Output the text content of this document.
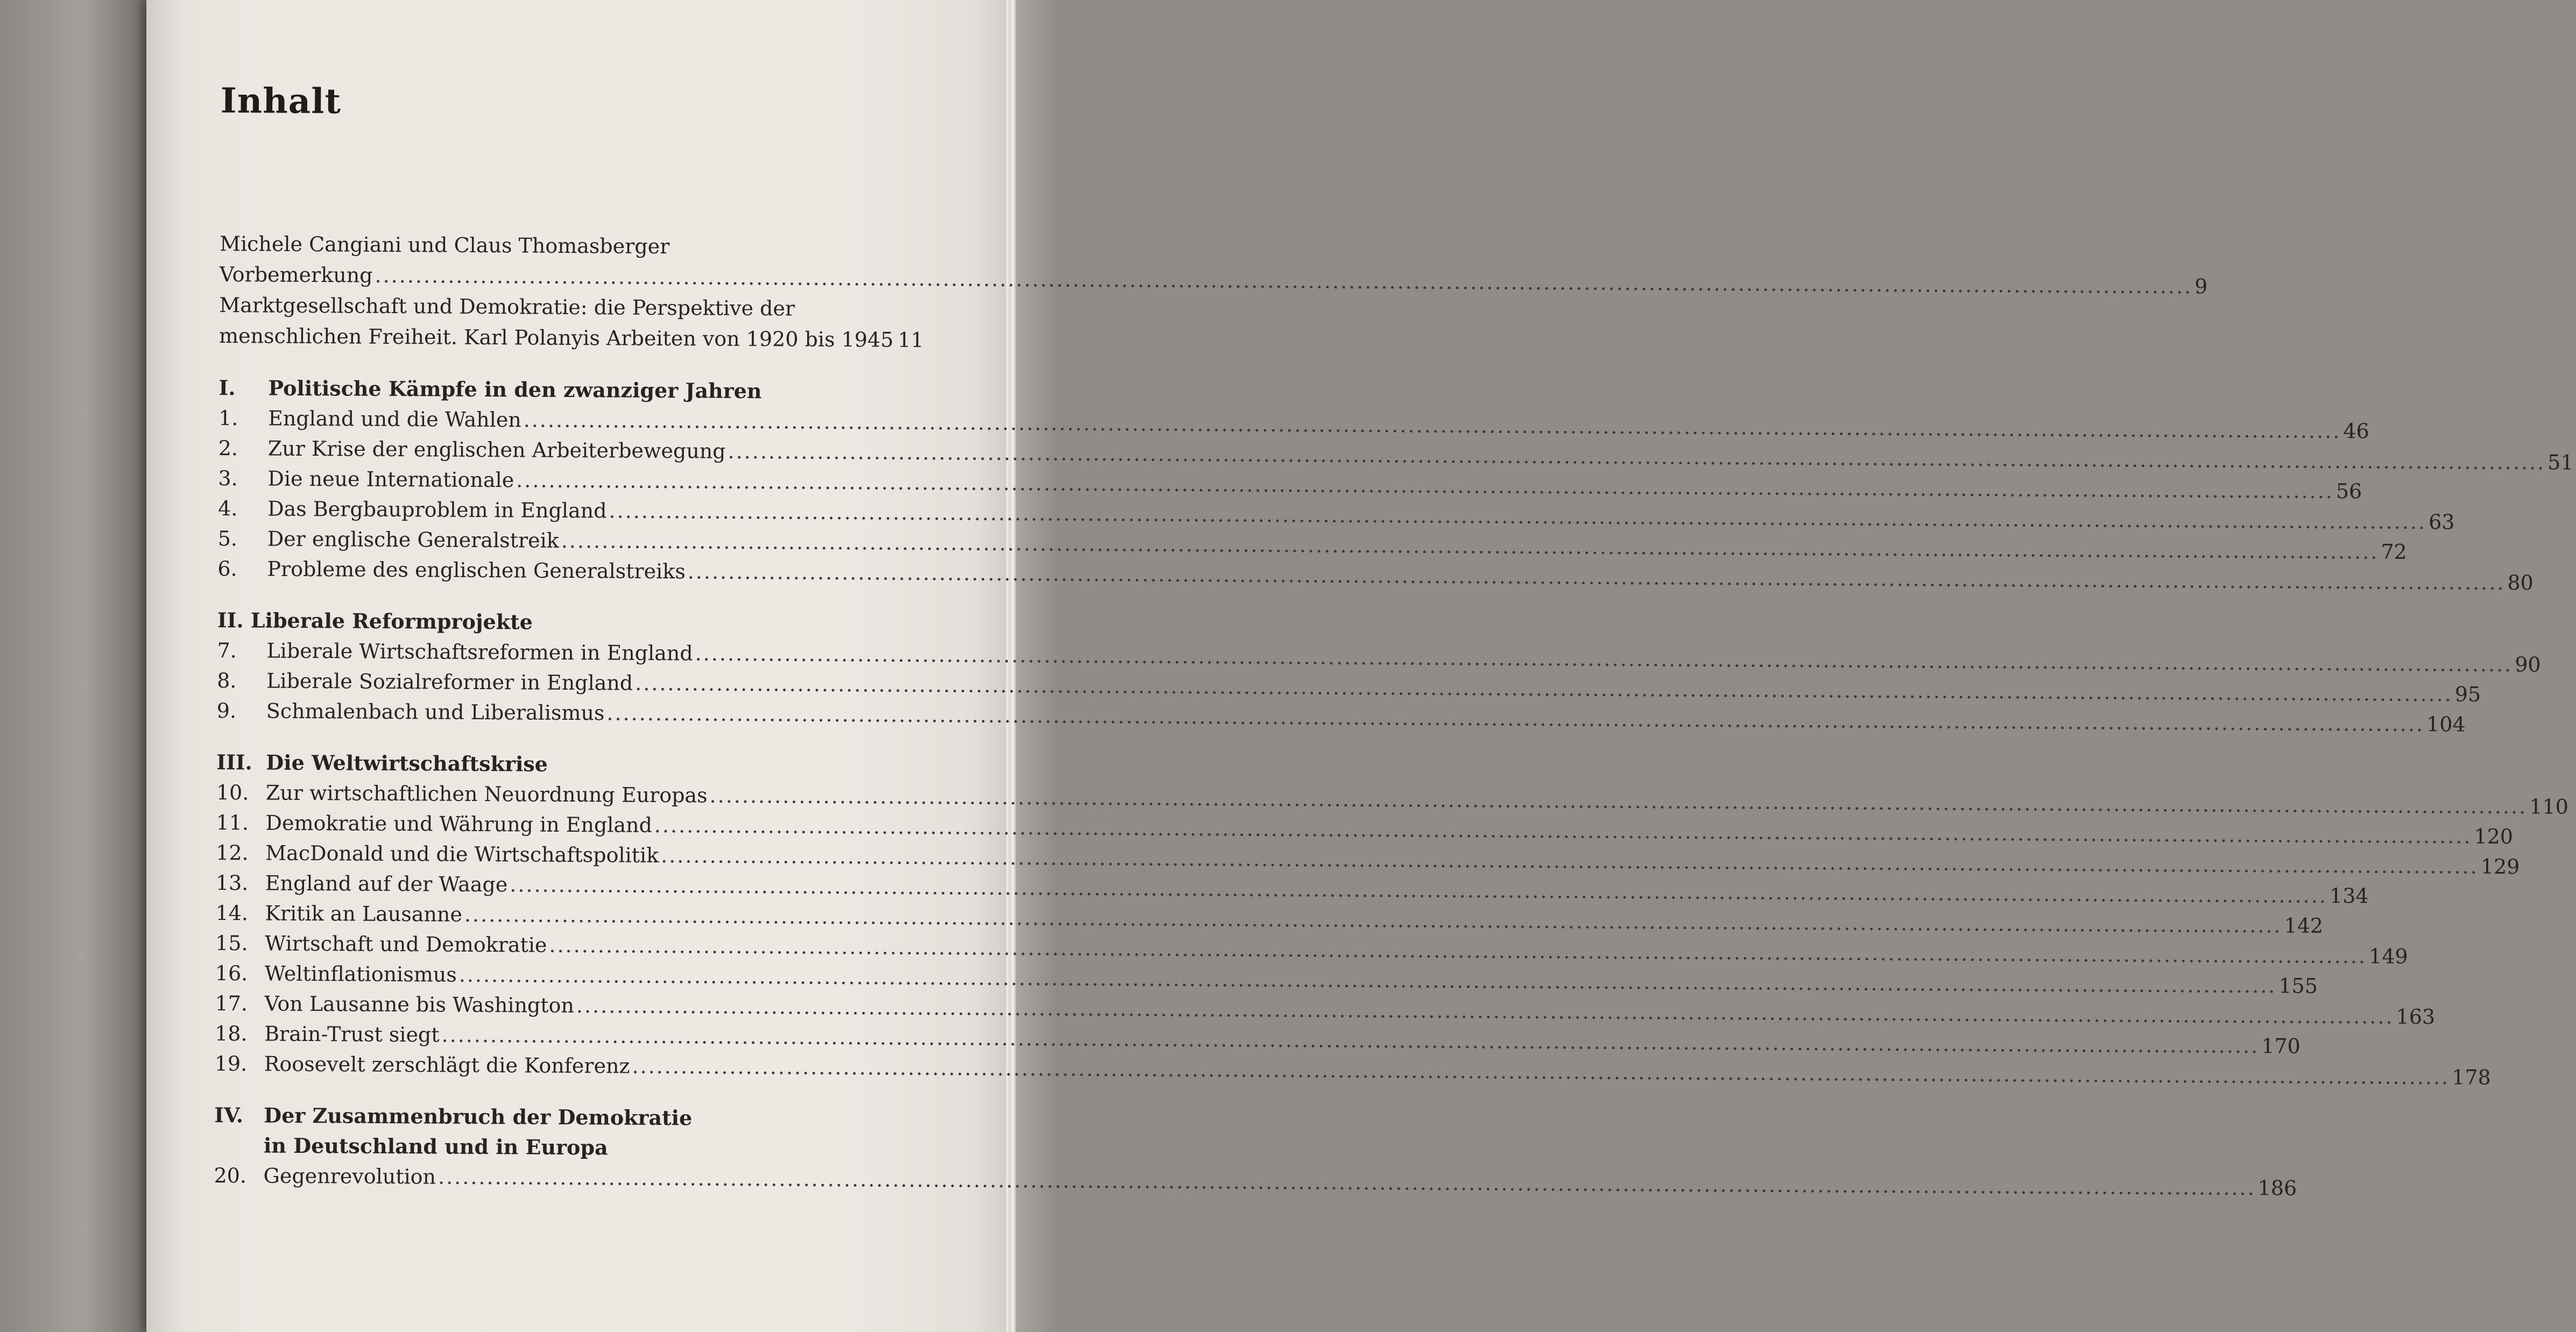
Inhalt
Michele Cangiani und Claus Thomasberger
Vorbemerkung .....	9
Marktgesellschaft und Demokratie: die Perspektive der
menschlichen Freiheit. Karl Polanyis Arbeiten von 1920 bis 1945 ..... 11
I.	Politische Kämpfe in den zwanziger Jahren
1.	England und die Wahlen .....	46
2.	Zur Krise der englischen Arbeiterbewegung .....	51
3.	Die neue Internationale .....	56
4.	Das Bergbauproblem in England .....	63
5.	Der englische Generalstreik .....	72
6.	Probleme des englischen Generalstreiks .....	80
II. Liberale Reformprojekte
7.	Liberale Wirtschaftsreformen in England .....	90
8.	Liberale Sozialreformer in England .....	95
9.	Schmalenbach und Liberalismus .....	104
III. Die Weltwirtschaftskrise
10. Zur wirtschaftlichen Neuordnung Europas .....	110
11. Demokratie und Währung in England .....	120
12. MacDonald und die Wirtschaftspolitik .....	129
13. England auf der Waage .....	134
14. Kritik an Lausanne .....	142
15. Wirtschaft und Demokratie .....	149
16. Weltinflationismus .....	155
17. Von Lausanne bis Washington .....	163
18. Brain-Trust siegt .....	170
19. Roosevelt zerschlägt die Konferenz .....	178
IV. Der Zusammenbruch der Demokratie
in Deutschland und in Europa
20. Gegenrevolution .....	186
